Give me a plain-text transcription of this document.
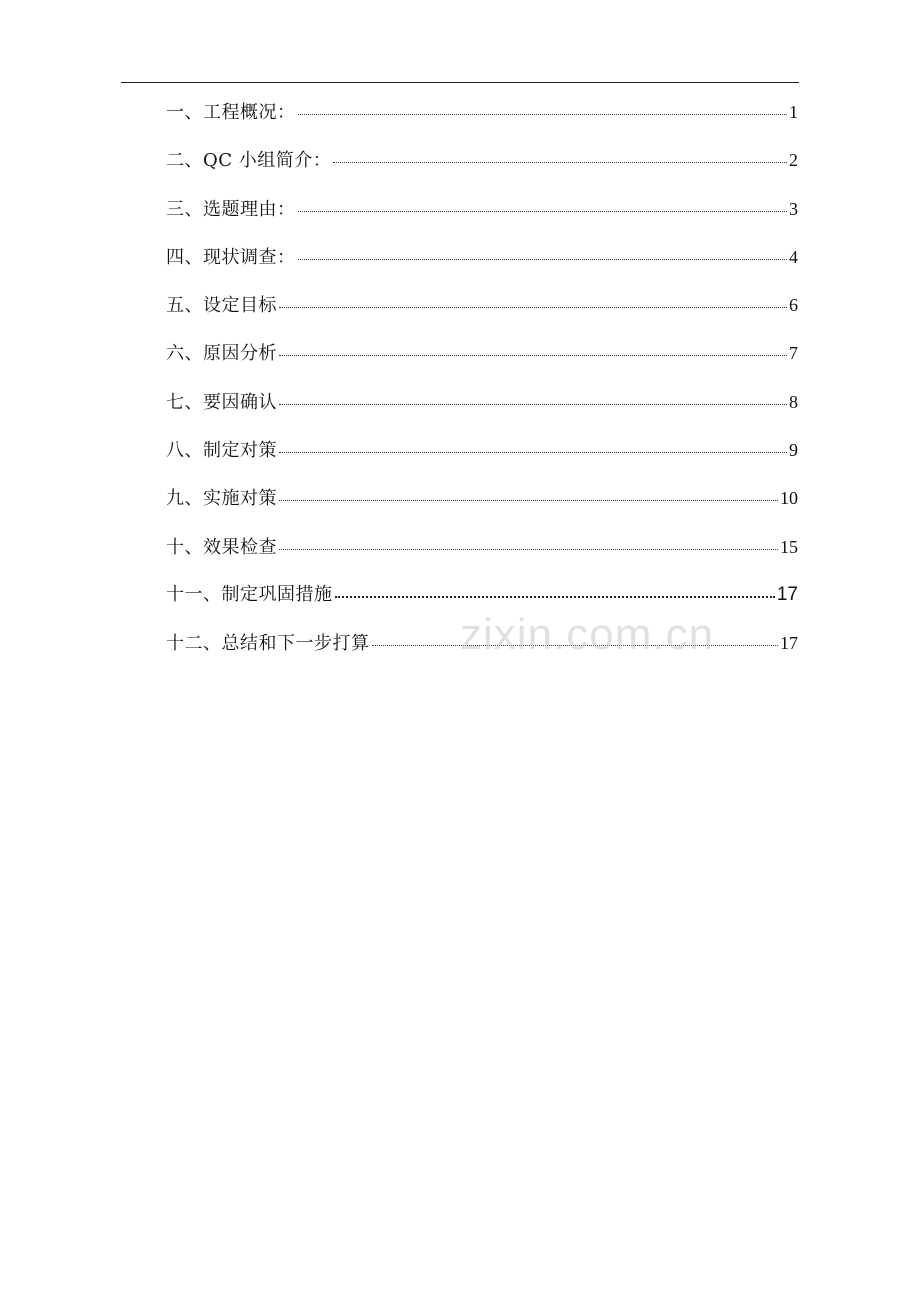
一、工程概况：	1
二、QC 小组简介：	2
三、选题理由：	3
四、现状调查：	4
五、设定目标	6
六、原因分析	7
七、要因确认	8
八、制定对策	9
九、实施对策	10
十、效果检查	15
十一、制定巩固措施	17
十二、总结和下一步打算	17
zixin.com.cn
